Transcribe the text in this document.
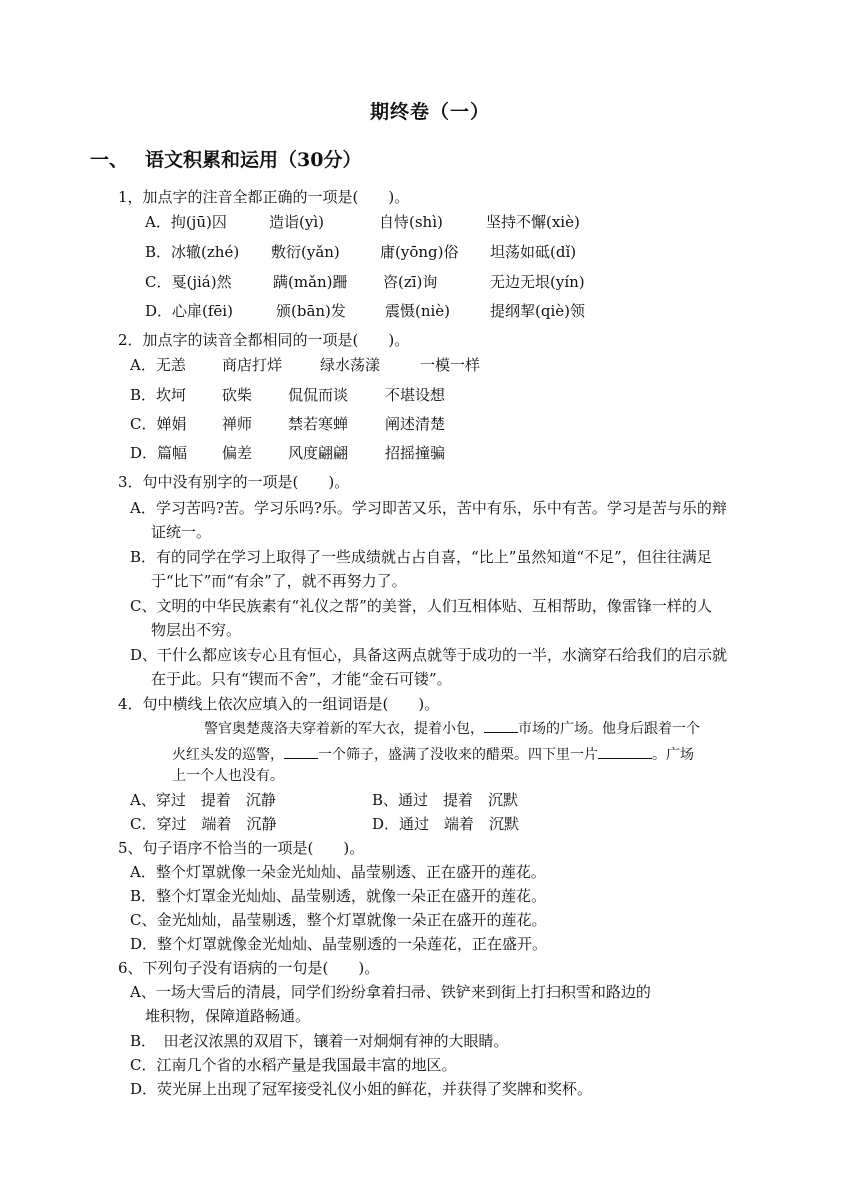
期终卷（一）
一、 语文积累和运用（30分）
1，加点字的注音全都正确的一项是(　　)。
A．拘(jū)囚	造诣(yì)	自恃(shì)	坚持不懈(xiè)
B．冰辙(zhé) 敷衍(yǎn)	庸(yōng)俗 坦荡如砥(dǐ)
C．戛(jiá)然	蹒(mǎn)跚 咨(zī)询	无边无垠(yín)
D．心扉(fēi)	颁(bān)发	震慑(niè)	提纲挈(qiè)领
2．加点字的读音全都相同的一项是(　　)。
A．无恙 商店打烊	绿水荡漾	一模一样
B．坎坷 砍柴 侃侃而谈 不堪设想
C．婵娟 禅师 禁若寒蝉 阐述清楚
D．篇幅 偏差 风度翩翩 招摇撞骗
3．句中没有别字的一项是(　　)。
A．学习苦吗?苦。学习乐吗?乐。学习即苦又乐，苦中有乐，乐中有苦。学习是苦与乐的辩
证统一。
B．有的同学在学习上取得了一些成绩就占占自喜，“比上”虽然知道“不足”，但往往满足
于“比下”而“有余”了，就不再努力了。
C、文明的中华民族素有“礼仪之帮”的美誉，人们互相体贴、互相帮助，像雷锋一样的人
物层出不穷。
D、干什么都应该专心且有恒心，具备这两点就等于成功的一半，水滴穿石给我们的启示就
在于此。只有“锲而不舍”，才能“金石可镂”。
4．句中横线上依次应填入的一组词语是(　　)。
警官奥楚蔑洛夫穿着新的军大衣，提着小包， 市场的广场。他身后跟着一个
火红头发的巡警， 一个筛子，盛满了没收来的醋栗。四下里一片	。广场
上一个人也没有。
A、穿过　提着　沉静	B、通过　提着　沉默
C．穿过　端着　沉静	D．通过　端着　沉默
5、句子语序不恰当的一项是(　　)。
A．整个灯罩就像一朵金光灿灿、晶莹剔透、正在盛开的莲花。
B．整个灯罩金光灿灿、晶莹剔透，就像一朵正在盛开的莲花。
C、金光灿灿，晶莹剔透，整个灯罩就像一朵正在盛开的莲花。
D．整个灯罩就像金光灿灿、晶莹剔透的一朵莲花，正在盛开。
6、下列句子没有语病的一句是(　　)。
A、一场大雪后的清晨，同学们纷纷拿着扫帚、铁铲来到街上打扫积雪和路边的
堆积物，保障道路畅通。
B．　田老汉浓黑的双眉下，镶着一对炯炯有神的大眼睛。
C．江南几个省的水稻产量是我国最丰富的地区。
D．荧光屏上出现了冠军接受礼仪小姐的鲜花，并获得了奖牌和奖杯。
